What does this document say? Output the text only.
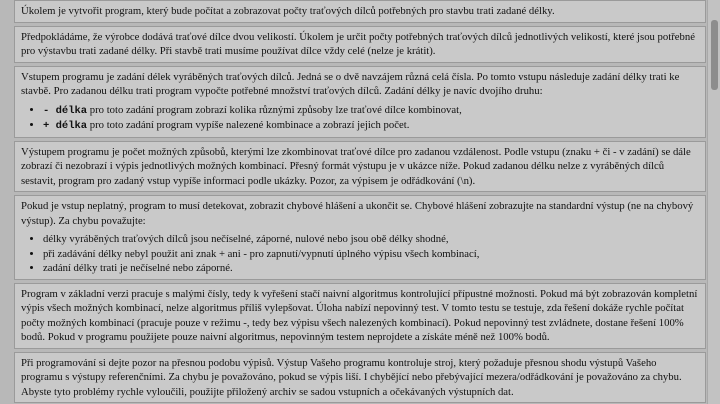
Úkolem je vytvořit program, který bude počítat a zobrazovat počty traťových dílců potřebných pro stavbu trati zadané délky.

Předpokládáme, že výrobce dodává traťové dílce dvou velikostí. Úkolem je určit počty potřebných traťových dílců jednotlivých velikostí, které jsou potřebné pro výstavbu trati zadané délky. Při stavbě trati musíme používat dílce vždy celé (nelze je krátit).

Vstupem programu je zadání délek vyráběných traťových dílců. Jedná se o dvě navzájem různá celá čísla. Po tomto vstupu následuje zadání délky trati ke stavbě. Pro zadanou délku trati program vypočte potřebné množství traťových dílců. Zadání délky je navíc dvojího druhu:

• - délka pro toto zadání program zobrazí kolika různými způsoby lze traťové dílce kombinovat,
• + délka pro toto zadání program vypíše nalezené kombinace a zobrazí jejich počet.

Výstupem programu je počet možných způsobů, kterými lze zkombinovat traťové dílce pro zadanou vzdálenost. Podle vstupu (znaku + či - v zadání) se dále zobrazí či nezobrazí i výpis jednotlivých možných kombinací. Přesný formát výstupu je v ukázce níže. Pokud zadanou délku nelze z vyráběných dílců sestavit, program pro zadaný vstup vypíše informaci podle ukázky. Pozor, za výpisem je odřádkování (\n).

Pokud je vstup neplatný, program to musí detekovat, zobrazit chybové hlášení a ukončit se. Chybové hlášení zobrazujte na standardní výstup (ne na chybový výstup). Za chybu považujte:

• délky vyráběných traťových dílců jsou nečíselné, záporné, nulové nebo jsou obě délky shodné,
• při zadávání délky nebyl použit ani znak + ani - pro zapnutí/vypnutí úplného výpisu všech kombinací,
• zadání délky trati je nečíselné nebo záporné.

Program v základní verzi pracuje s malými čísly, tedy k vyřešení stačí naivní algoritmus kontrolující přípustné možnosti. Pokud má být zobrazován kompletní výpis všech možných kombinací, nelze algoritmus příliš vylepšovat. Úloha nabízí nepovinný test. V tomto testu se testuje, zda řešení dokáže rychle počítat počty možných kombinací (pracuje pouze v režimu -, tedy bez výpisu všech nalezených kombinací). Pokud nepovinný test zvládnete, dostane řešení 100% bodů. Pokud v programu použijete pouze naivní algoritmus, nepovinným testem neprojdete a získáte méně než 100% bodů.

Při programování si dejte pozor na přesnou podobu výpisů. Výstup Vašeho programu kontroluje stroj, který požaduje přesnou shodu výstupů Vašeho programu s výstupy referenčními. Za chybu je považováno, pokud se výpis liší. I chybějící nebo přebývající mezera/odřádkování je považováno za chybu. Abyste tyto problémy rychle vyloučili, použijte přiložený archiv se sadou vstupních a očekávaných výstupních dat.
